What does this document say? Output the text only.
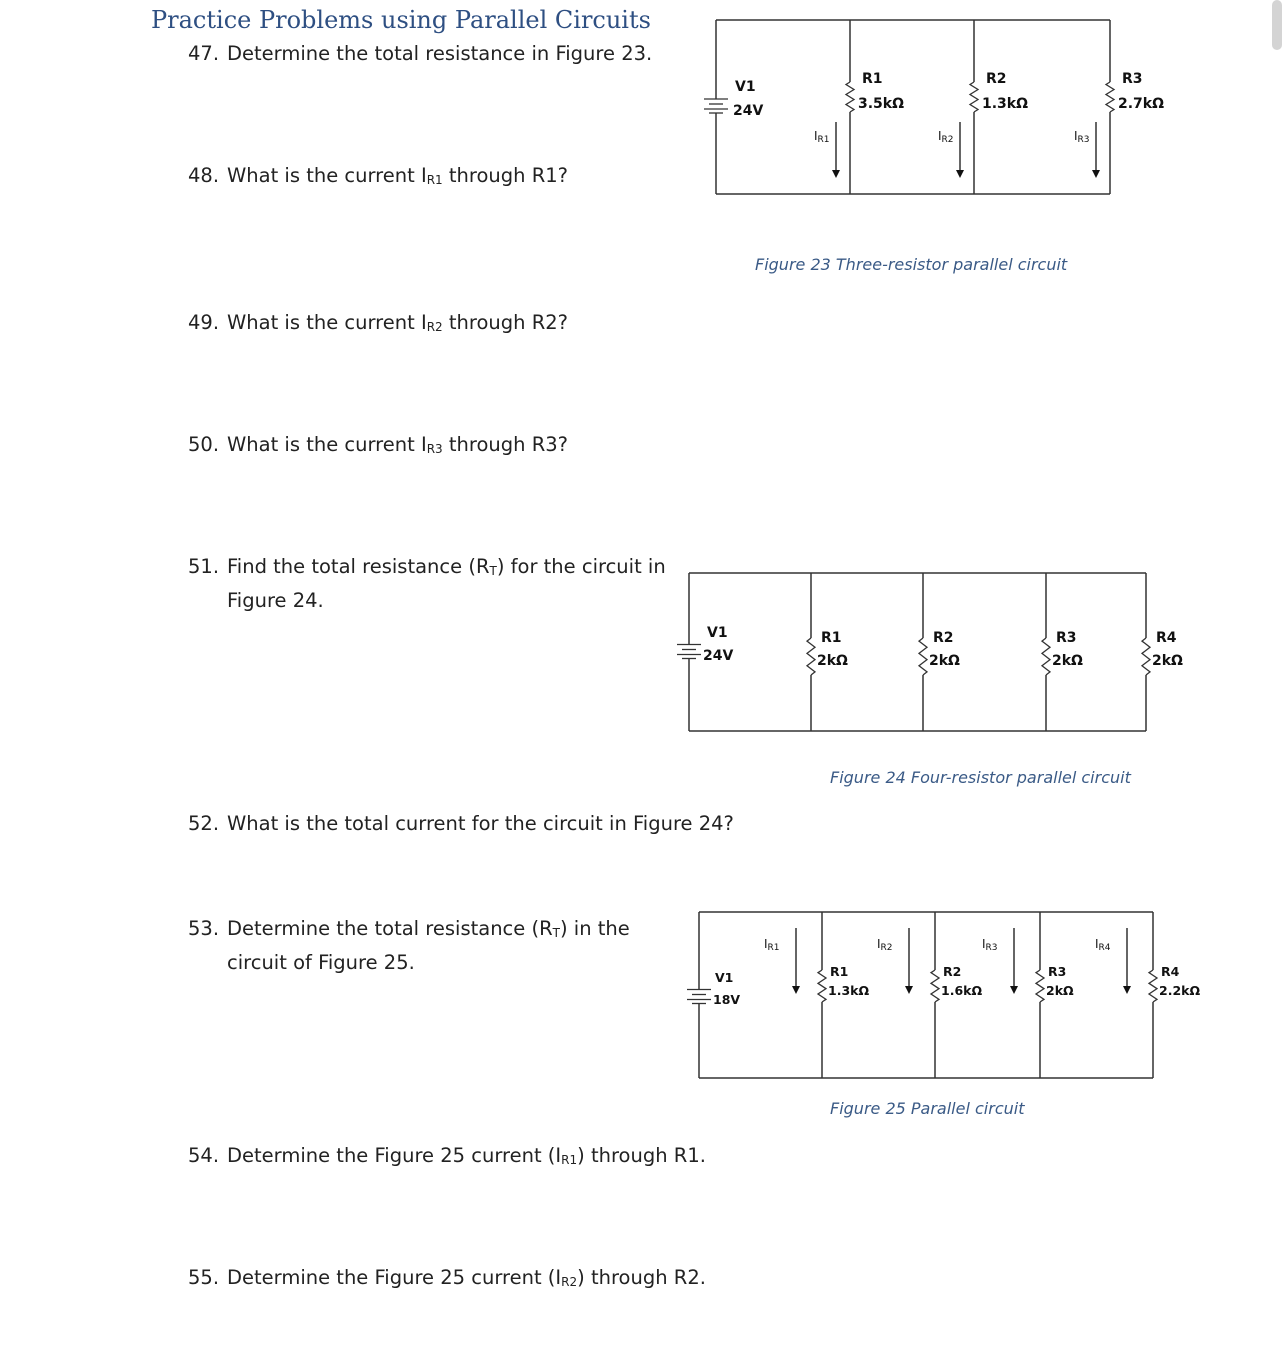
Practice Problems using Parallel Circuits
47. Determine the total resistance in Figure 23.
48. What is the current $I_{R1}$ through R1?
49. What is the current $I_{R2}$ through R2?
50. What is the current $I_{R3}$ through R3?
51. Find the total resistance $(R_T)$ for the circuit in
Figure 24.
52. What is the total current for the circuit in Figure 24?
53. Determine the total resistance $(R_T)$ in the
circuit of Figure 25.
54. Determine the Figure 25 current $(I_{R1})$ through R1.
55. Determine the Figure 25 current $(I_{R2})$ through R2.
Figure 23 Three-resistor parallel circuit
Figure 24 Four-resistor parallel circuit
Figure 25 Parallel circuit
V1
24V
R1
3.5kΩ
IR1
R2
1.3kΩ
IR2
R3
2.7kΩ
IR3
V1
24V
R1
2kΩ
R2
2kΩ
R3
2kΩ
R4
2kΩ
V1
18V
R1
1.3kΩ
IR1
R2
1.6kΩ
IR2
R3
2kΩ
IR3
R4
2.2kΩ
IR4
